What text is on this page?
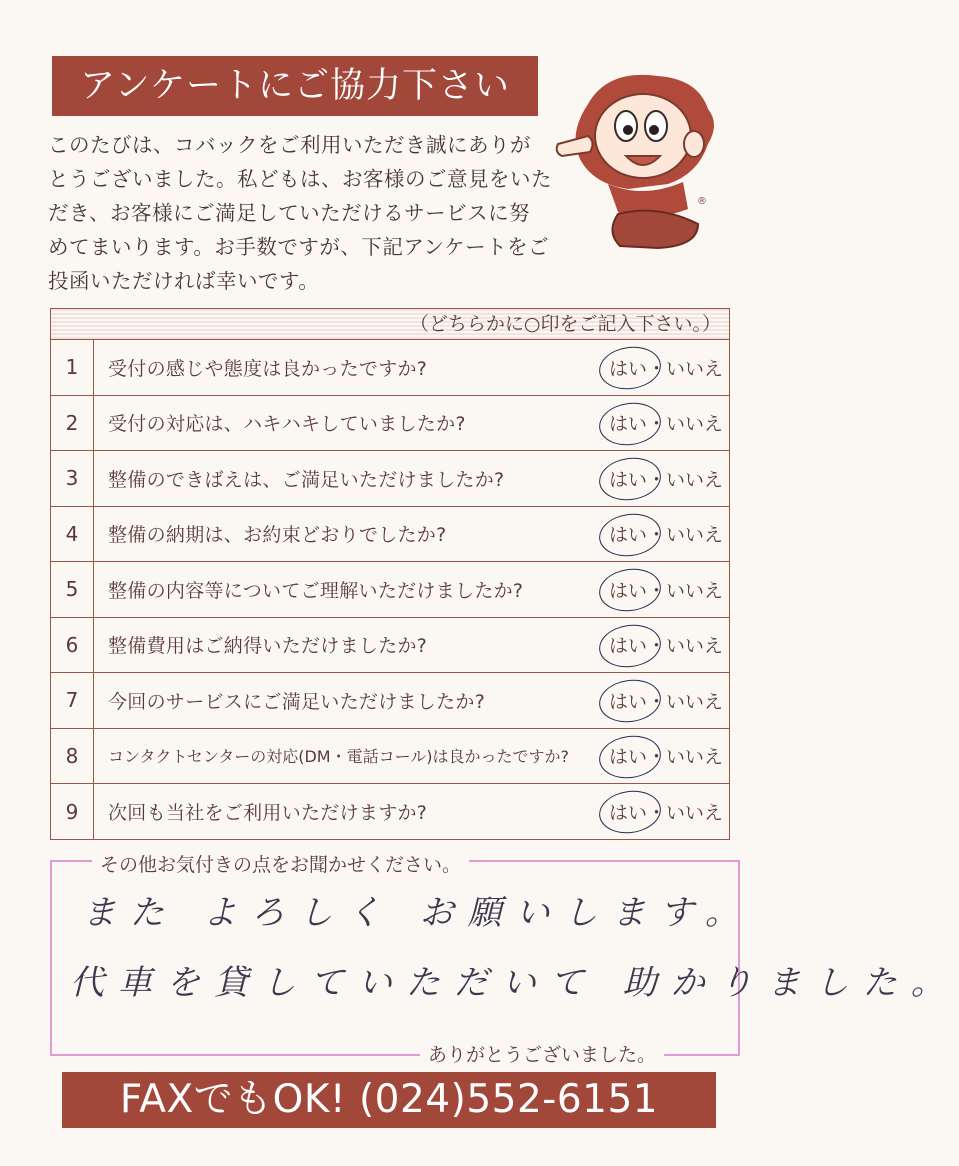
アンケートにご協力下さい
このたびは、コバックをご利用いただき誠にありが
とうございました。私どもは、お客様のご意見をいた
だき、お客様にご満足していただけるサービスに努
めてまいります。お手数ですが、下記アンケートをご
投函いただければ幸いです。
®
（どちらかに○印をご記入下さい。）
1	受付の感じや態度は良かったですか?	はい・いいえ
2	受付の対応は、ハキハキしていましたか?	はい・いいえ
3	整備のできばえは、ご満足いただけましたか?	はい・いいえ
4	整備の納期は、お約束どおりでしたか?	はい・いいえ
5	整備の内容等についてご理解いただけましたか?	はい・いいえ
6	整備費用はご納得いただけましたか?	はい・いいえ
7	今回のサービスにご満足いただけましたか?	はい・いいえ
8	コンタクトセンターの対応(DM・電話コール)は良かったですか?	はい・いいえ
9	次回も当社をご利用いただけますか?	はい・いいえ
その他お気付きの点をお聞かせください。
また よろしく お願いします。
代車を貸していただいて 助かりました。
ありがとうございました。
FAXでもOK! (024)552-6151
